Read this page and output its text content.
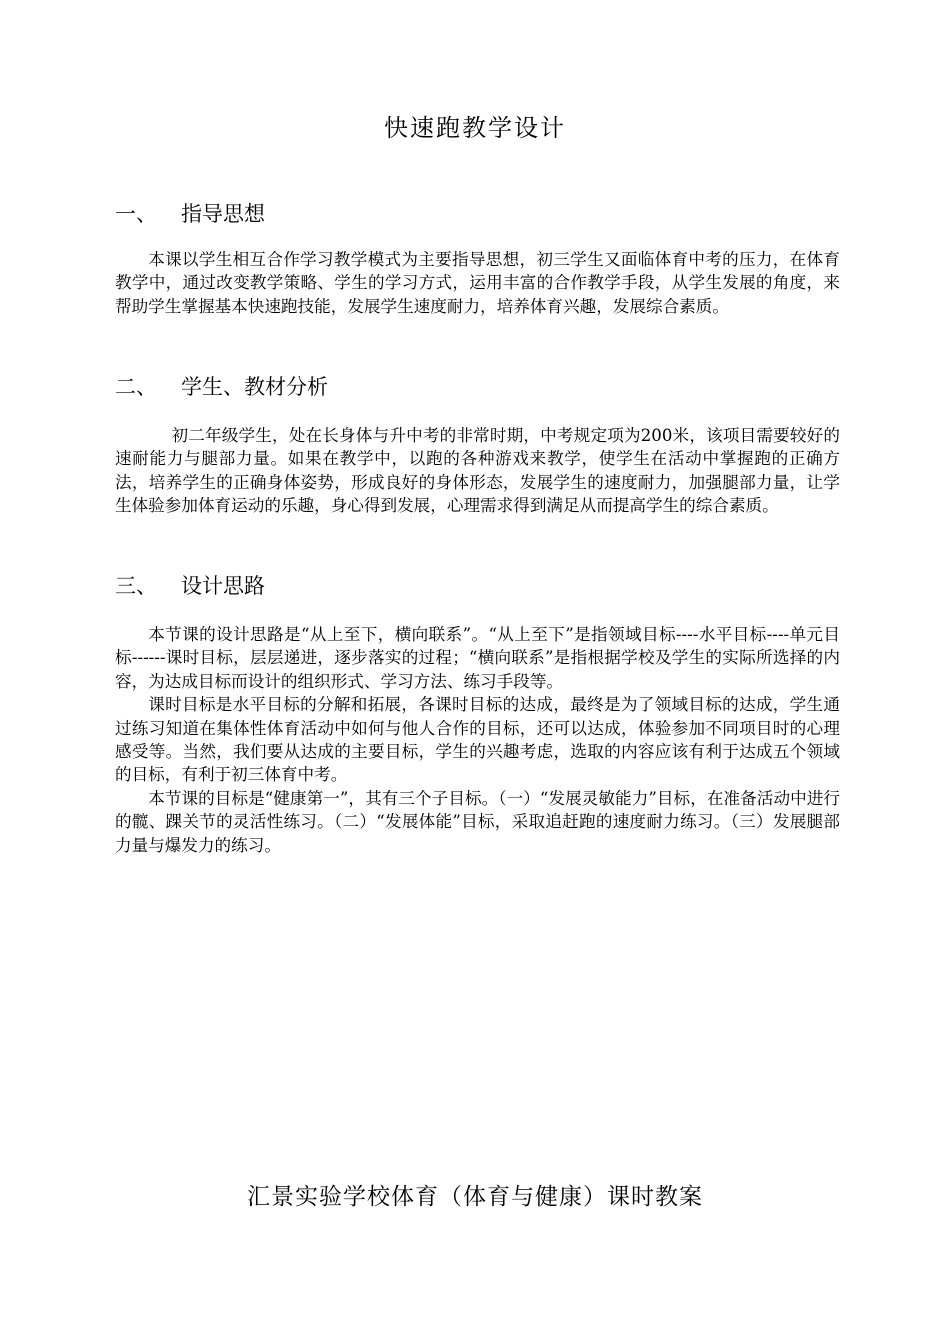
快速跑教学设计
一、 指导思想

本课以学生相互合作学习教学模式为主要指导思想，初三学生又面临体育中考的压力，在体育教学中，通过改变教学策略、学生的学习方式，运用丰富的合作教学手段，从学生发展的角度，来帮助学生掌握基本快速跑技能，发展学生速度耐力，培养体育兴趣，发展综合素质。

二、 学生、教材分析

初二年级学生，处在长身体与升中考的非常时期，中考规定项为200米，该项目需要较好的速耐能力与腿部力量。如果在教学中，以跑的各种游戏来教学，使学生在活动中掌握跑的正确方法，培养学生的正确身体姿势，形成良好的身体形态，发展学生的速度耐力，加强腿部力量，让学生体验参加体育运动的乐趣，身心得到发展，心理需求得到满足从而提高学生的综合素质。

三、 设计思路

本节课的设计思路是“从上至下，横向联系”。“从上至下”是指领域目标----水平目标----单元目标------课时目标，层层递进，逐步落实的过程；“横向联系”是指根据学校及学生的实际所选择的内容，为达成目标而设计的组织形式、学习方法、练习手段等。

课时目标是水平目标的分解和拓展，各课时目标的达成，最终是为了领域目标的达成，学生通过练习知道在集体性体育活动中如何与他人合作的目标，还可以达成，体验参加不同项目时的心理感受等。当然，我们要从达成的主要目标，学生的兴趣考虑，选取的内容应该有利于达成五个领域的目标，有利于初三体育中考。

本节课的目标是“健康第一”，其有三个子目标。（一）“发展灵敏能力”目标，在准备活动中进行的髋、踝关节的灵活性练习。（二）“发展体能”目标，采取追赶跑的速度耐力练习。（三）发展腿部力量与爆发力的练习。

汇景实验学校体育（体育与健康）课时教案
